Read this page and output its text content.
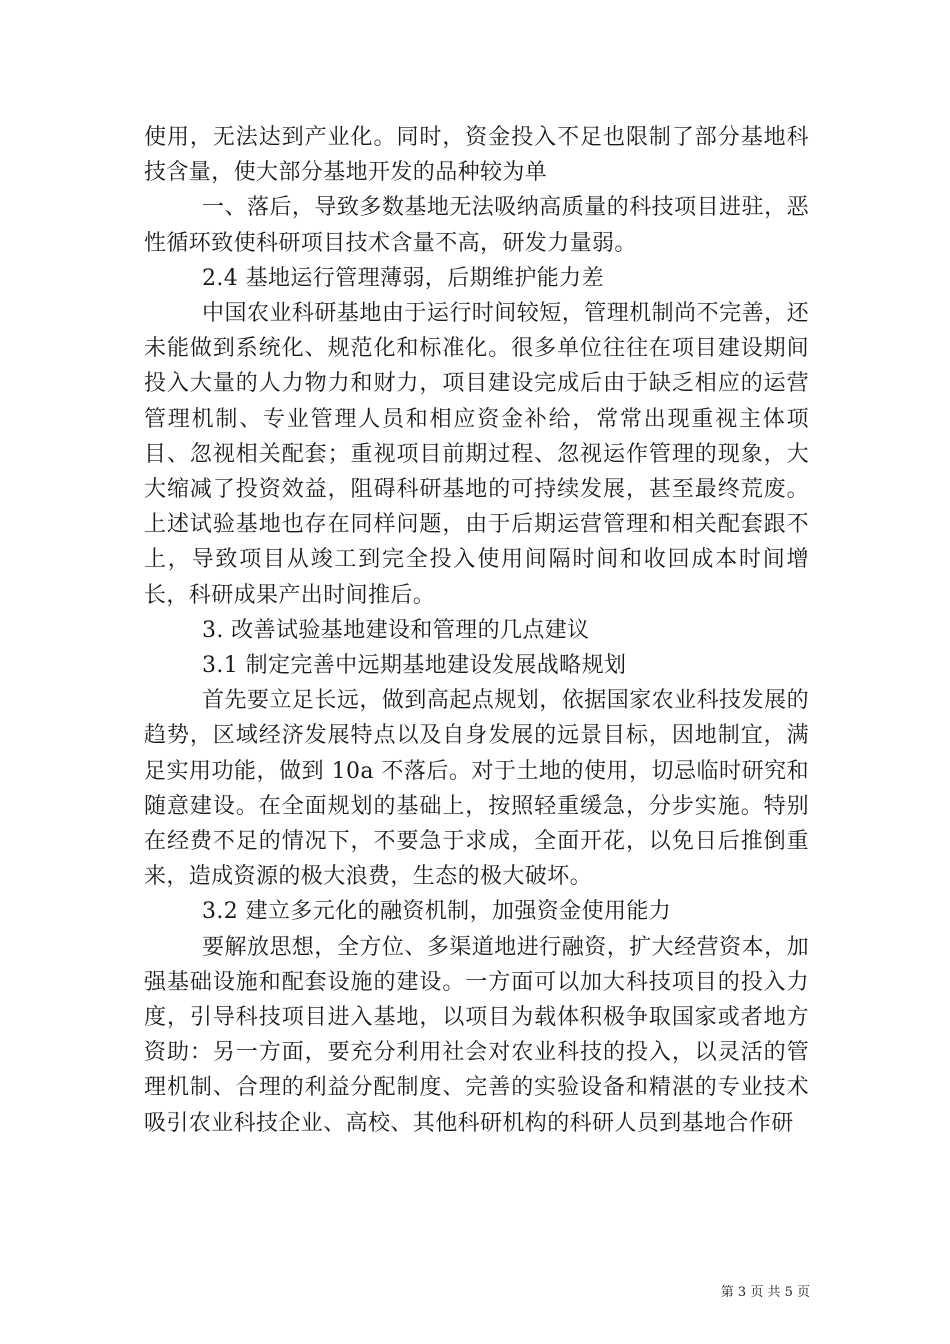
使用，无法达到产业化。同时，资金投入不足也限制了部分基地科技含量，使大部分基地开发的品种较为单

一、落后，导致多数基地无法吸纳高质量的科技项目进驻，恶性循环致使科研项目技术含量不高，研发力量弱。

2.4 基地运行管理薄弱，后期维护能力差

中国农业科研基地由于运行时间较短，管理机制尚不完善，还未能做到系统化、规范化和标准化。很多单位往往在项目建设期间投入大量的人力物力和财力，项目建设完成后由于缺乏相应的运营管理机制、专业管理人员和相应资金补给，常常出现重视主体项目、忽视相关配套；重视项目前期过程、忽视运作管理的现象，大大缩减了投资效益，阻碍科研基地的可持续发展，甚至最终荒废。上述试验基地也存在同样问题，由于后期运营管理和相关配套跟不上，导致项目从竣工到完全投入使用间隔时间和收回成本时间增长，科研成果产出时间推后。

3. 改善试验基地建设和管理的几点建议

3.1 制定完善中远期基地建设发展战略规划

首先要立足长远，做到高起点规划，依据国家农业科技发展的趋势，区域经济发展特点以及自身发展的远景目标，因地制宜，满足实用功能，做到 10a 不落后。对于土地的使用，切忌临时研究和随意建设。在全面规划的基础上，按照轻重缓急，分步实施。特别在经费不足的情况下，不要急于求成，全面开花，以免日后推倒重来，造成资源的极大浪费，生态的极大破坏。

3.2 建立多元化的融资机制，加强资金使用能力

要解放思想，全方位、多渠道地进行融资，扩大经营资本，加强基础设施和配套设施的建设。一方面可以加大科技项目的投入力度，引导科技项目进入基地，以项目为载体积极争取国家或者地方资助：另一方面，要充分利用社会对农业科技的投入，以灵活的管理机制、合理的利益分配制度、完善的实验设备和精湛的专业技术吸引农业科技企业、高校、其他科研机构的科研人员到基地合作研

第 3 页 共 5 页
